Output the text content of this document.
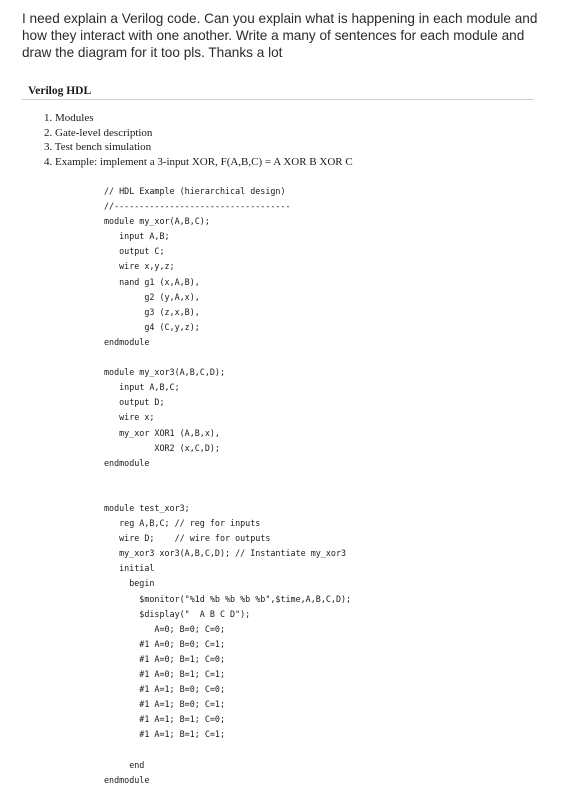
I need explain a Verilog code. Can you explain what is happening in each module and how they interact with one another. Write a many of sentences for each module and draw the diagram for it too pls. Thanks a lot
Verilog HDL
1. Modules
2. Gate-level description
3. Test bench simulation
4. Example: implement a 3-input XOR, F(A,B,C) = A XOR B XOR C
// HDL Example (hierarchical design)
//-----------------------------------
module my_xor(A,B,C);
input A,B;
output C;
wire x,y,z;
nand g1 (x,A,B),
g2 (y,A,x),
g3 (z,x,B),
g4 (C,y,z);
endmodule
module my_xor3(A,B,C,D);
input A,B,C;
output D;
wire x;
my_xor XOR1 (A,B,x),
XOR2 (x,C,D);
endmodule
module test_xor3;
reg A,B,C; // reg for inputs
wire D;    // wire for outputs
my_xor3 xor3(A,B,C,D); // Instantiate my_xor3
initial
begin
$monitor("%1d %b %b %b %b",$time,A,B,C,D);
$display("  A B C D");
A=0; B=0; C=0;
#1 A=0; B=0; C=1;
#1 A=0; B=1; C=0;
#1 A=0; B=1; C=1;
#1 A=1; B=0; C=0;
#1 A=1; B=0; C=1;
#1 A=1; B=1; C=0;
#1 A=1; B=1; C=1;
end
endmodule
